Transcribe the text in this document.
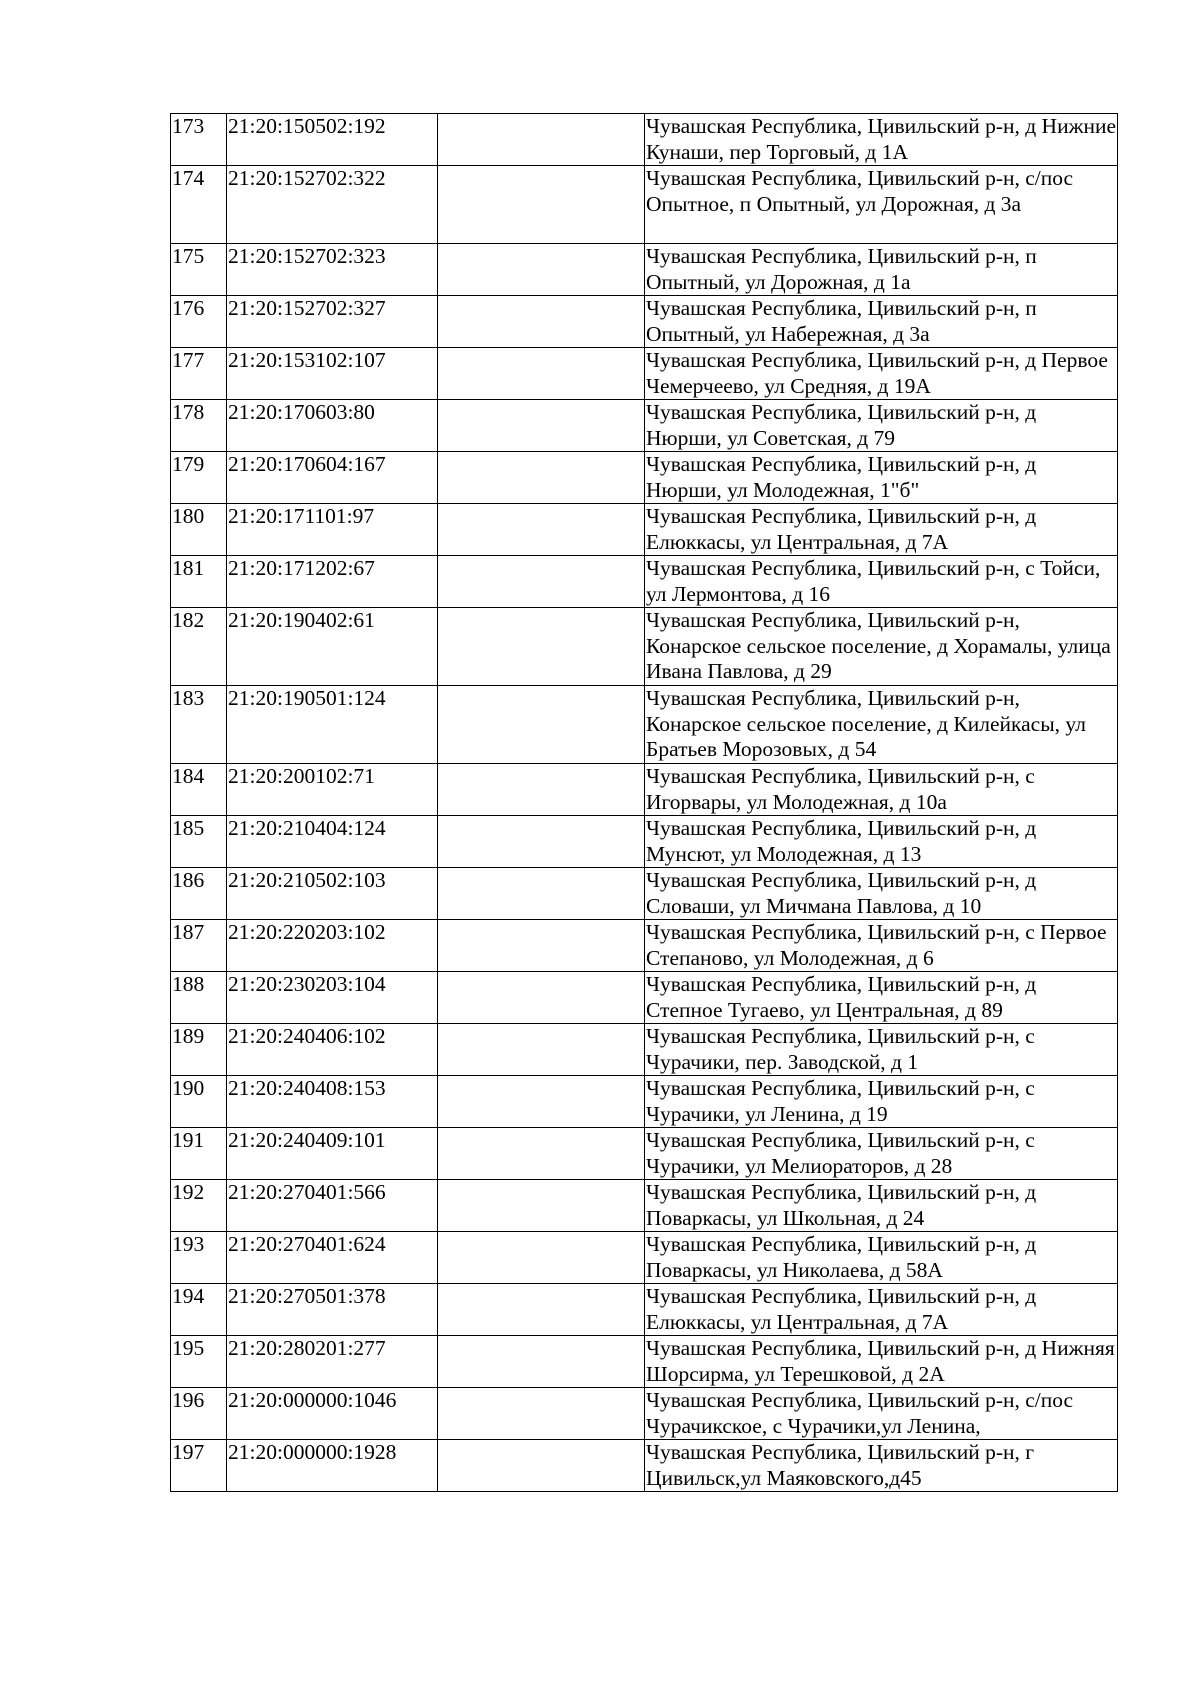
173	21:20:150502:192		Чувашская Республика, Цивильский р-н, д Нижние Кунаши, пер Торговый, д 1А
174	21:20:152702:322		Чувашская Республика, Цивильский р-н, с/пос Опытное, п Опытный, ул Дорожная, д 3а
175	21:20:152702:323		Чувашская Республика, Цивильский р-н, п Опытный, ул Дорожная, д 1а
176	21:20:152702:327		Чувашская Республика, Цивильский р-н, п Опытный, ул Набережная, д 3а
177	21:20:153102:107		Чувашская Республика, Цивильский р-н, д Первое Чемерчеево, ул Средняя, д 19А
178	21:20:170603:80		Чувашская Республика, Цивильский р-н, д Нюрши, ул Советская, д 79
179	21:20:170604:167		Чувашская Республика, Цивильский р-н, д Нюрши, ул Молодежная, 1"б"
180	21:20:171101:97		Чувашская Республика, Цивильский р-н, д Елюккасы, ул Центральная, д 7А
181	21:20:171202:67		Чувашская Республика, Цивильский р-н, с Тойси, ул Лермонтова, д 16
182	21:20:190402:61		Чувашская Республика, Цивильский р-н, Конарское сельское поселение, д Хорамалы, улица Ивана Павлова, д 29
183	21:20:190501:124		Чувашская Республика, Цивильский р-н, Конарское сельское поселение, д Килейкасы, ул Братьев Морозовых, д 54
184	21:20:200102:71		Чувашская Республика, Цивильский р-н, с Игорвары, ул Молодежная, д 10а
185	21:20:210404:124		Чувашская Республика, Цивильский р-н, д Мунсют, ул Молодежная, д 13
186	21:20:210502:103		Чувашская Республика, Цивильский р-н, д Словаши, ул Мичмана Павлова, д 10
187	21:20:220203:102		Чувашская Республика, Цивильский р-н, с Первое Степаново, ул Молодежная, д 6
188	21:20:230203:104		Чувашская Республика, Цивильский р-н, д Степное Тугаево, ул Центральная, д 89
189	21:20:240406:102		Чувашская Республика, Цивильский р-н, с Чурачики, пер. Заводской, д 1
190	21:20:240408:153		Чувашская Республика, Цивильский р-н, с Чурачики, ул Ленина, д 19
191	21:20:240409:101		Чувашская Республика, Цивильский р-н, с Чурачики, ул Мелиораторов, д 28
192	21:20:270401:566		Чувашская Республика, Цивильский р-н, д Поваркасы, ул Школьная, д 24
193	21:20:270401:624		Чувашская Республика, Цивильский р-н, д Поваркасы, ул Николаева, д 58А
194	21:20:270501:378		Чувашская Республика, Цивильский р-н, д Елюккасы, ул Центральная, д 7А
195	21:20:280201:277		Чувашская Республика, Цивильский р-н, д Нижняя Шорсирма, ул Терешковой, д 2А
196	21:20:000000:1046		Чувашская Республика, Цивильский р-н, с/пос Чурачикское, с Чурачики,ул Ленина,
197	21:20:000000:1928		Чувашская Республика, Цивильский р-н, г Цивильск,ул Маяковского,д45
